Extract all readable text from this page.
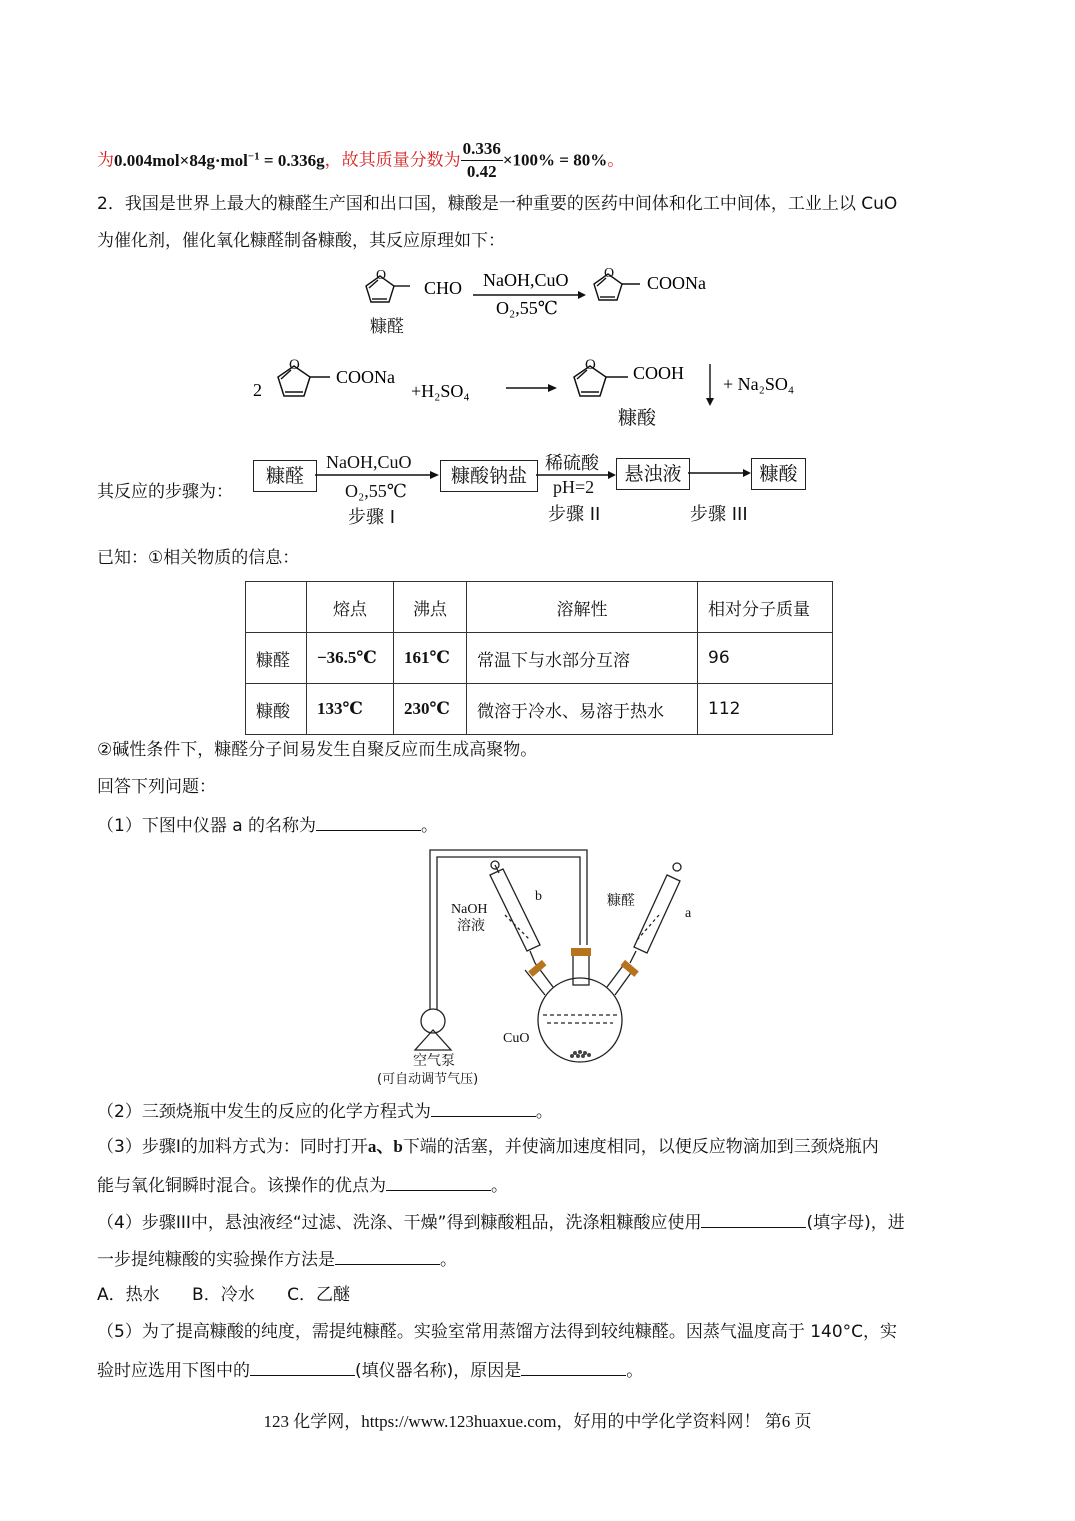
为0.004mol×84g·mol$^{-1}$ = 0.336g，故其质量分数为 $\frac{0.336}{0.42} \times 100\% = 80\%$。
2．我国是世界上最大的糠醛生产国和出口国，糠酸是一种重要的医药中间体和化工中间体，工业上以 CuO
为催化剂，催化氧化糠醛制备糠酸，其反应原理如下：
O
CHO
糠醛
NaOH,CuO
O₂,55℃
O COONa
2
O
COONa
+H₂SO₄
O COOH
糠酸
+ Na₂SO₄
其反应的步骤为：
糠醛
NaOH,CuO
O₂,55℃
步骤 I
糠酸钠盐
稀硫酸
pH=2
步骤 II
悬浊液
步骤 III
糠酸
已知：①相关物质的信息：
	熔点	沸点	溶解性	相对分子质量
糠醛	−36.5℃	161℃	常温下与水部分互溶	96
糠酸	133℃	230℃	微溶于冷水、易溶于热水	112
②碱性条件下，糠醛分子间易发生自聚反应而生成高聚物。
回答下列问题：
（1）下图中仪器 a 的名称为	。
NaOH
溶液
b	糠醛
a
CuO
空气泵
(可自动调节气压)
（2）三颈烧瓶中发生的反应的化学方程式为	。
（3）步骤I的加料方式为：同时打开a、b下端的活塞，并使滴加速度相同，以便反应物滴加到三颈烧瓶内
能与氧化铜瞬时混合。该操作的优点为	。
（4）步骤III中，悬浊液经“过滤、洗涤、干燥”得到糠酸粗品，洗涤粗糠酸应使用	(填字母)，进
一步提纯糠酸的实验操作方法是	。
A．热水      B．冷水      C．乙醚
（5）为了提高糠酸的纯度，需提纯糠醛。实验室常用蒸馏方法得到较纯糠醛。因蒸气温度高于 140°C，实
验时应选用下图中的	(填仪器名称)，原因是	。
123 化学网，https://www.123huaxue.com，好用的中学化学资料网！ 第6 页
